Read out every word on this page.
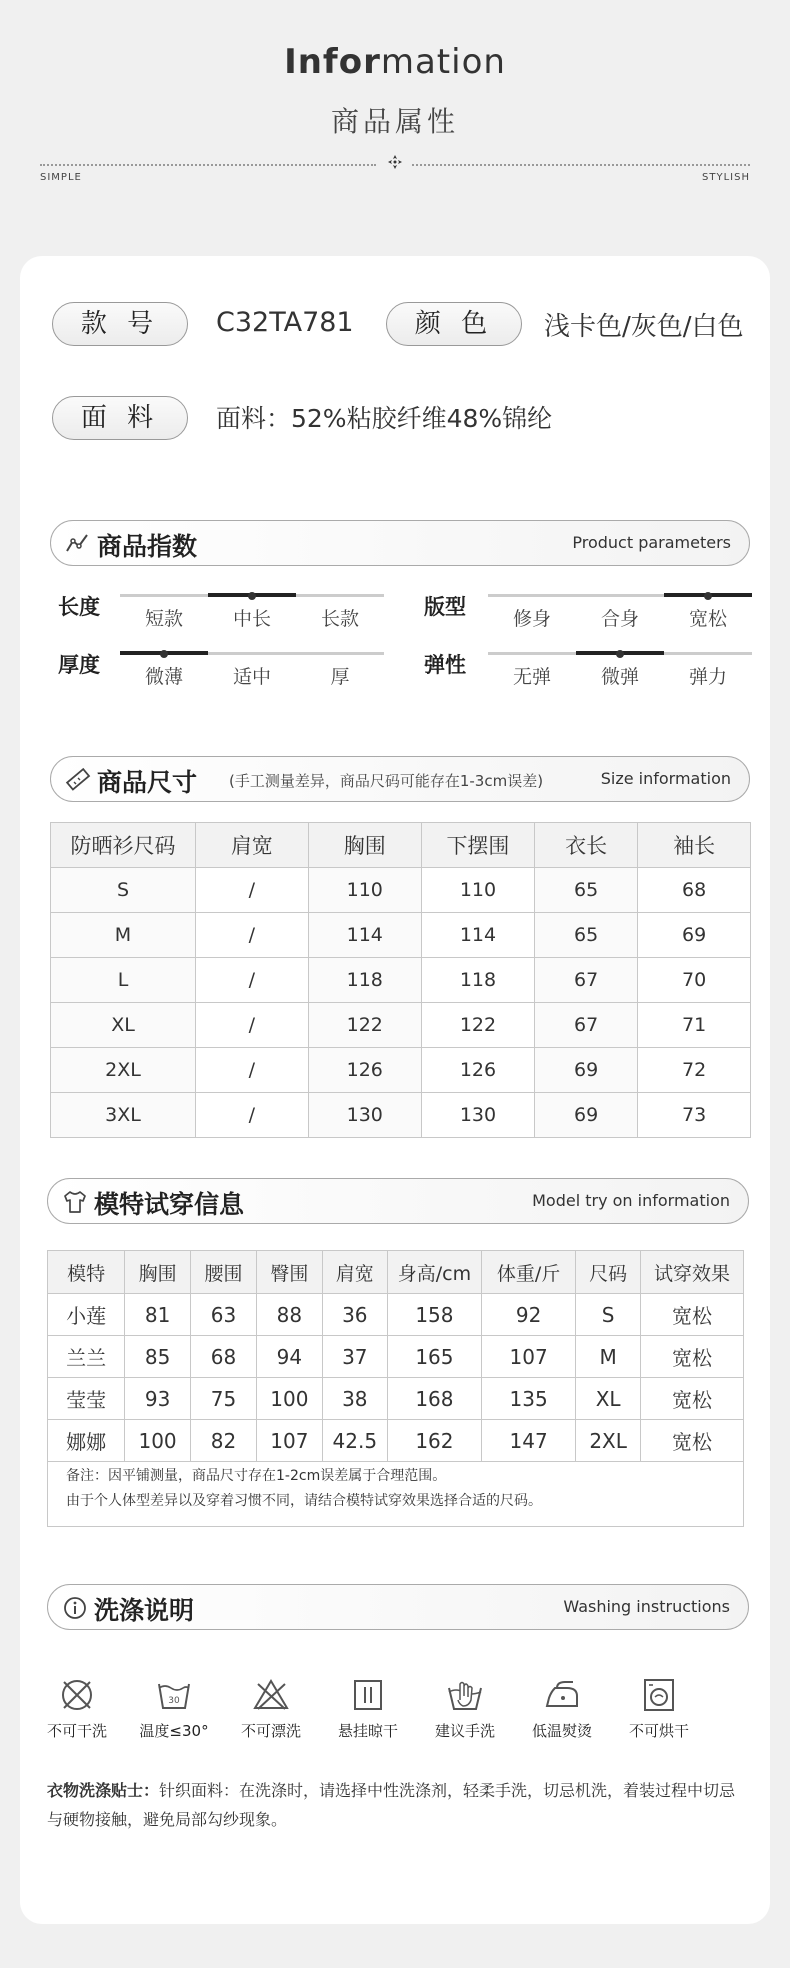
Information
商品属性
SIMPLE	STYLISH
款 号	C32TA781	颜 色	浅卡色/灰色/白色
面 料	面料：52%粘胶纤维48%锦纶
商品指数	Product parameters
长度	短款	中长	长款	版型	修身	合身	宽松
厚度	微薄	适中	厚	弹性	无弹	微弹	弹力
商品尺寸 (手工测量差异，商品尺码可能存在1-3cm误差)	Size information
防晒衫尺码	肩宽	胸围	下摆围	衣长	袖长
S	/	110	110	65	68
M	/	114	114	65	69
L	/	118	118	67	70
XL	/	122	122	67	71
2XL	/	126	126	69	72
3XL	/	130	130	69	73
模特试穿信息	Model try on information
模特	胸围	腰围	臀围	肩宽	身高/cm	体重/斤	尺码	试穿效果
小莲	81	63	88	36	158	92	S	宽松
兰兰	85	68	94	37	165	107	M	宽松
莹莹	93	75	100	38	168	135	XL	宽松
娜娜	100	82	107	42.5	162	147	2XL	宽松
备注：因平铺测量，商品尺寸存在1-2cm误差属于合理范围。
由于个人体型差异以及穿着习惯不同，请结合模特试穿效果选择合适的尺码。
洗涤说明	Washing instructions
不可干洗
30
温度≤30°	不可漂洗	悬挂晾干	建议手洗	低温熨烫	不可烘干
衣物洗涤贴士：针织面料：在洗涤时，请选择中性洗涤剂，轻柔手洗，切忌机洗，着装过程中切忌与硬物接触，避免局部勾纱现象。
